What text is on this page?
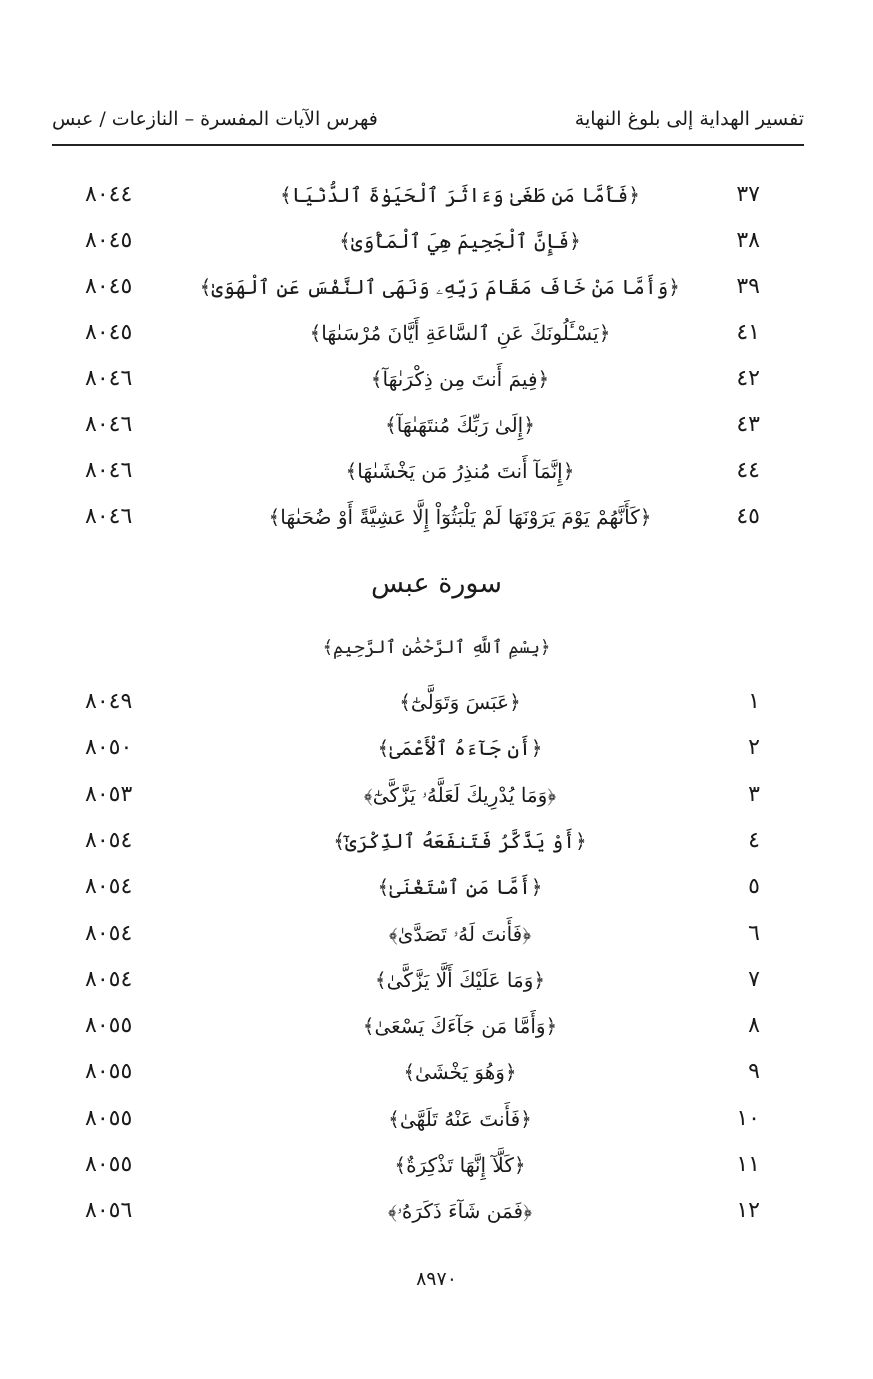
تفسير الهداية إلى بلوغ النهاية
فهرس الآيات المفسرة – النازعات / عبس
٣٧
﴿فَأَمَّا مَن طَغَىٰ وَءَاثَرَ ٱلْحَيَوٰةَ ٱلدُّنْيَا﴾
٨٠٤٤
٣٨
﴿فَإِنَّ ٱلْجَحِيمَ هِيَ ٱلْمَأْوَىٰ﴾
٨٠٤٥
٣٩
﴿وَأَمَّا مَنْ خَافَ مَقَامَ رَبِّهِۦ وَنَهَى ٱلنَّفْسَ عَنِ ٱلْهَوَىٰ﴾
٨٠٤٥
٤١
﴿يَسْـَٔلُونَكَ عَنِ ٱلسَّاعَةِ أَيَّانَ مُرْسَىٰهَا﴾
٨٠٤٥
٤٢
﴿فِيمَ أَنتَ مِن ذِكْرَىٰهَآ﴾
٨٠٤٦
٤٣
﴿إِلَىٰ رَبِّكَ مُنتَهَىٰهَآ﴾
٨٠٤٦
٤٤
﴿إِنَّمَآ أَنتَ مُنذِرُ مَن يَخْشَىٰهَا﴾
٨٠٤٦
٤٥
﴿كَأَنَّهُمْ يَوْمَ يَرَوْنَهَا لَمْ يَلْبَثُوٓاْ إِلَّا عَشِيَّةً أَوْ ضُحَىٰهَا﴾
٨٠٤٦
سورة عبس
﴿بِسْمِ ٱللَّهِ ٱلرَّحْمَٰنِ ٱلرَّحِيمِ﴾
١
﴿عَبَسَ وَتَوَلَّىٰٓ﴾
٨٠٤٩
٢
﴿أَن جَآءَهُ ٱلْأَعْمَىٰ﴾
٨٠٥٠
٣
﴿وَمَا يُدْرِيكَ لَعَلَّهُۥ يَزَّكَّىٰٓ﴾
٨٠٥٣
٤
﴿أَوْ يَذَّكَّرُ فَتَنفَعَهُ ٱلذِّكْرَىٰٓ﴾
٨٠٥٤
٥
﴿أَمَّا مَنِ ٱسْتَغْنَىٰ﴾
٨٠٥٤
٦
﴿فَأَنتَ لَهُۥ تَصَدَّىٰ﴾
٨٠٥٤
٧
﴿وَمَا عَلَيْكَ أَلَّا يَزَّكَّىٰ﴾
٨٠٥٤
٨
﴿وَأَمَّا مَن جَآءَكَ يَسْعَىٰ﴾
٨٠٥٥
٩
﴿وَهُوَ يَخْشَىٰ﴾
٨٠٥٥
١٠
﴿فَأَنتَ عَنْهُ تَلَهَّىٰ﴾
٨٠٥٥
١١
﴿كَلَّآ إِنَّهَا تَذْكِرَةٌ﴾
٨٠٥٥
١٢
﴿فَمَن شَآءَ ذَكَرَهُۥ﴾
٨٠٥٦
٨٩٧٠
